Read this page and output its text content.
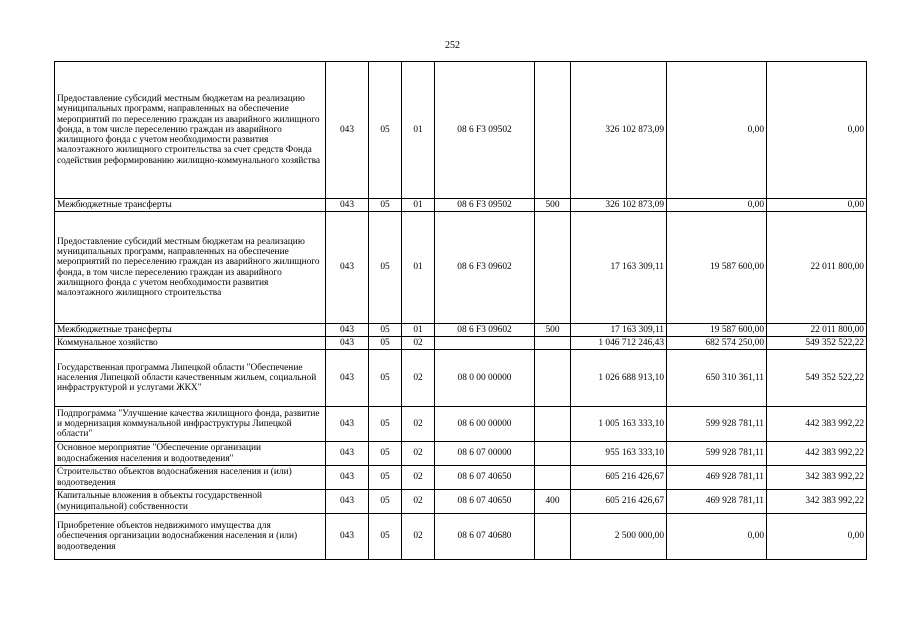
252
Предоставление субсидий местным бюджетам на реализацию муниципальных программ, направленных на обеспечение мероприятий по переселению граждан из аварийного жилищного фонда, в том числе переселению граждан из аварийного жилищного фонда с учетом необходимости развития малоэтажного жилищного строительства за счет средств Фонда содействия реформированию жилищно-коммунального хозяйства	043	05	01	08 6 F3 09502		326 102 873,09	0,00	0,00
Межбюджетные трансферты	043	05	01	08 6 F3 09502	500	326 102 873,09	0,00	0,00
Предоставление субсидий местным бюджетам на реализацию муниципальных программ, направленных на обеспечение мероприятий по переселению граждан из аварийного жилищного фонда, в том числе переселению граждан из аварийного жилищного фонда с учетом необходимости развития малоэтажного жилищного строительства	043	05	01	08 6 F3 09602		17 163 309,11	19 587 600,00	22 011 800,00
Межбюджетные трансферты	043	05	01	08 6 F3 09602	500	17 163 309,11	19 587 600,00	22 011 800,00
Коммунальное хозяйство	043	05	02			1 046 712 246,43	682 574 250,00	549 352 522,22
Государственная программа Липецкой области "Обеспечение населения Липецкой области качественным жильем, социальной инфраструктурой и услугами ЖКХ"	043	05	02	08 0 00 00000		1 026 688 913,10	650 310 361,11	549 352 522,22
Подпрограмма "Улучшение качества жилищного фонда, развитие и модернизация коммунальной инфраструктуры Липецкой области"	043	05	02	08 6 00 00000		1 005 163 333,10	599 928 781,11	442 383 992,22
Основное мероприятие "Обеспечение организации водоснабжения населения и водоотведения"	043	05	02	08 6 07 00000		955 163 333,10	599 928 781,11	442 383 992,22
Строительство объектов водоснабжения населения и (или) водоотведения	043	05	02	08 6 07 40650		605 216 426,67	469 928 781,11	342 383 992,22
Капитальные вложения в объекты государственной (муниципальной) собственности	043	05	02	08 6 07 40650	400	605 216 426,67	469 928 781,11	342 383 992,22
Приобретение объектов недвижимого имущества для обеспечения организации водоснабжения населения и (или) водоотведения	043	05	02	08 6 07 40680		2 500 000,00	0,00	0,00
